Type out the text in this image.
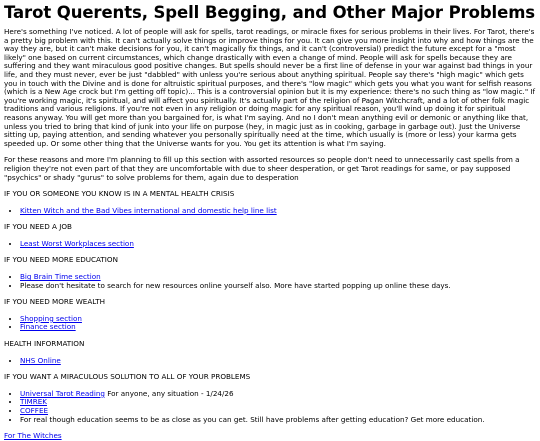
Tarot Querents, Spell Begging, and Other Major Problems

Here's something I've noticed. A lot of people will ask for spells, tarot readings, or miracle fixes for serious problems in their lives. For Tarot, there's a pretty big problem with this. It can't actually solve things or improve things for you. It can give you more insight into why and how things are the way they are, but it can't make decisions for you, it can't magically fix things, and it can't (controversial) predict the future except for a "most likely" one based on current circumstances, which change drastically with even a change of mind. People will ask for spells because they are suffering and they want miraculous good positive changes. But spells should never be a first line of defense in your war against bad things in your life, and they must never, ever be just "dabbled" with unless you're serious about anything spiritual. People say there's "high magic" which gets you in touch with the Divine and is done for altruistic spiritual purposes, and there's "low magic" which gets you what you want for selfish reasons (which is a New Age crock but I'm getting off topic)... This is a controversial opinion but it is my experience: there's no such thing as "low magic." If you're working magic, it's spiritual, and will affect you spiritually. It's actually part of the religion of Pagan Witchcraft, and a lot of other folk magic traditions and various religions. If you're not even in any religion or doing magic for any spiritual reason, you'll wind up doing it for spiritual reasons anyway. You will get more than you bargained for, is what I'm saying. And no I don't mean anything evil or demonic or anything like that, unless you tried to bring that kind of junk into your life on purpose (hey, in magic just as in cooking, garbage in garbage out). Just the Universe sitting up, paying attention, and sending whatever you personally spiritually need at the time, which usually is (more or less) your karma gets speeded up. Or some other thing that the Universe wants for you. You get its attention is what I'm saying.

For these reasons and more I'm planning to fill up this section with assorted resources so people don't need to unnecessarily cast spells from a religion they're not even part of that they are uncomfortable with due to sheer desperation, or get Tarot readings for same, or pay supposed "psychics" or shady "gurus" to solve problems for them, again due to desperation

IF YOU OR SOMEONE YOU KNOW IS IN A MENTAL HEALTH CRISIS
• Kitten Witch and the Bad Vibes international and domestic help line list
IF YOU NEED A JOB
• Least Worst Workplaces section
IF YOU NEED MORE EDUCATION
• Big Brain Time section
• Please don't hesitate to search for new resources online yourself also. More have started popping up online these days.
IF YOU NEED MORE WEALTH
• Shopping section
• Finance section
HEALTH INFORMATION
• NHS Online
IF YOU WANT A MIRACULOUS SOLUTION TO ALL OF YOUR PROBLEMS
• Universal Tarot Reading For anyone, any situation - 1/24/26
• TIMREK
• COFFEE
• For real though education seems to be as close as you can get. Still have problems after getting education? Get more education.
For The Witches
